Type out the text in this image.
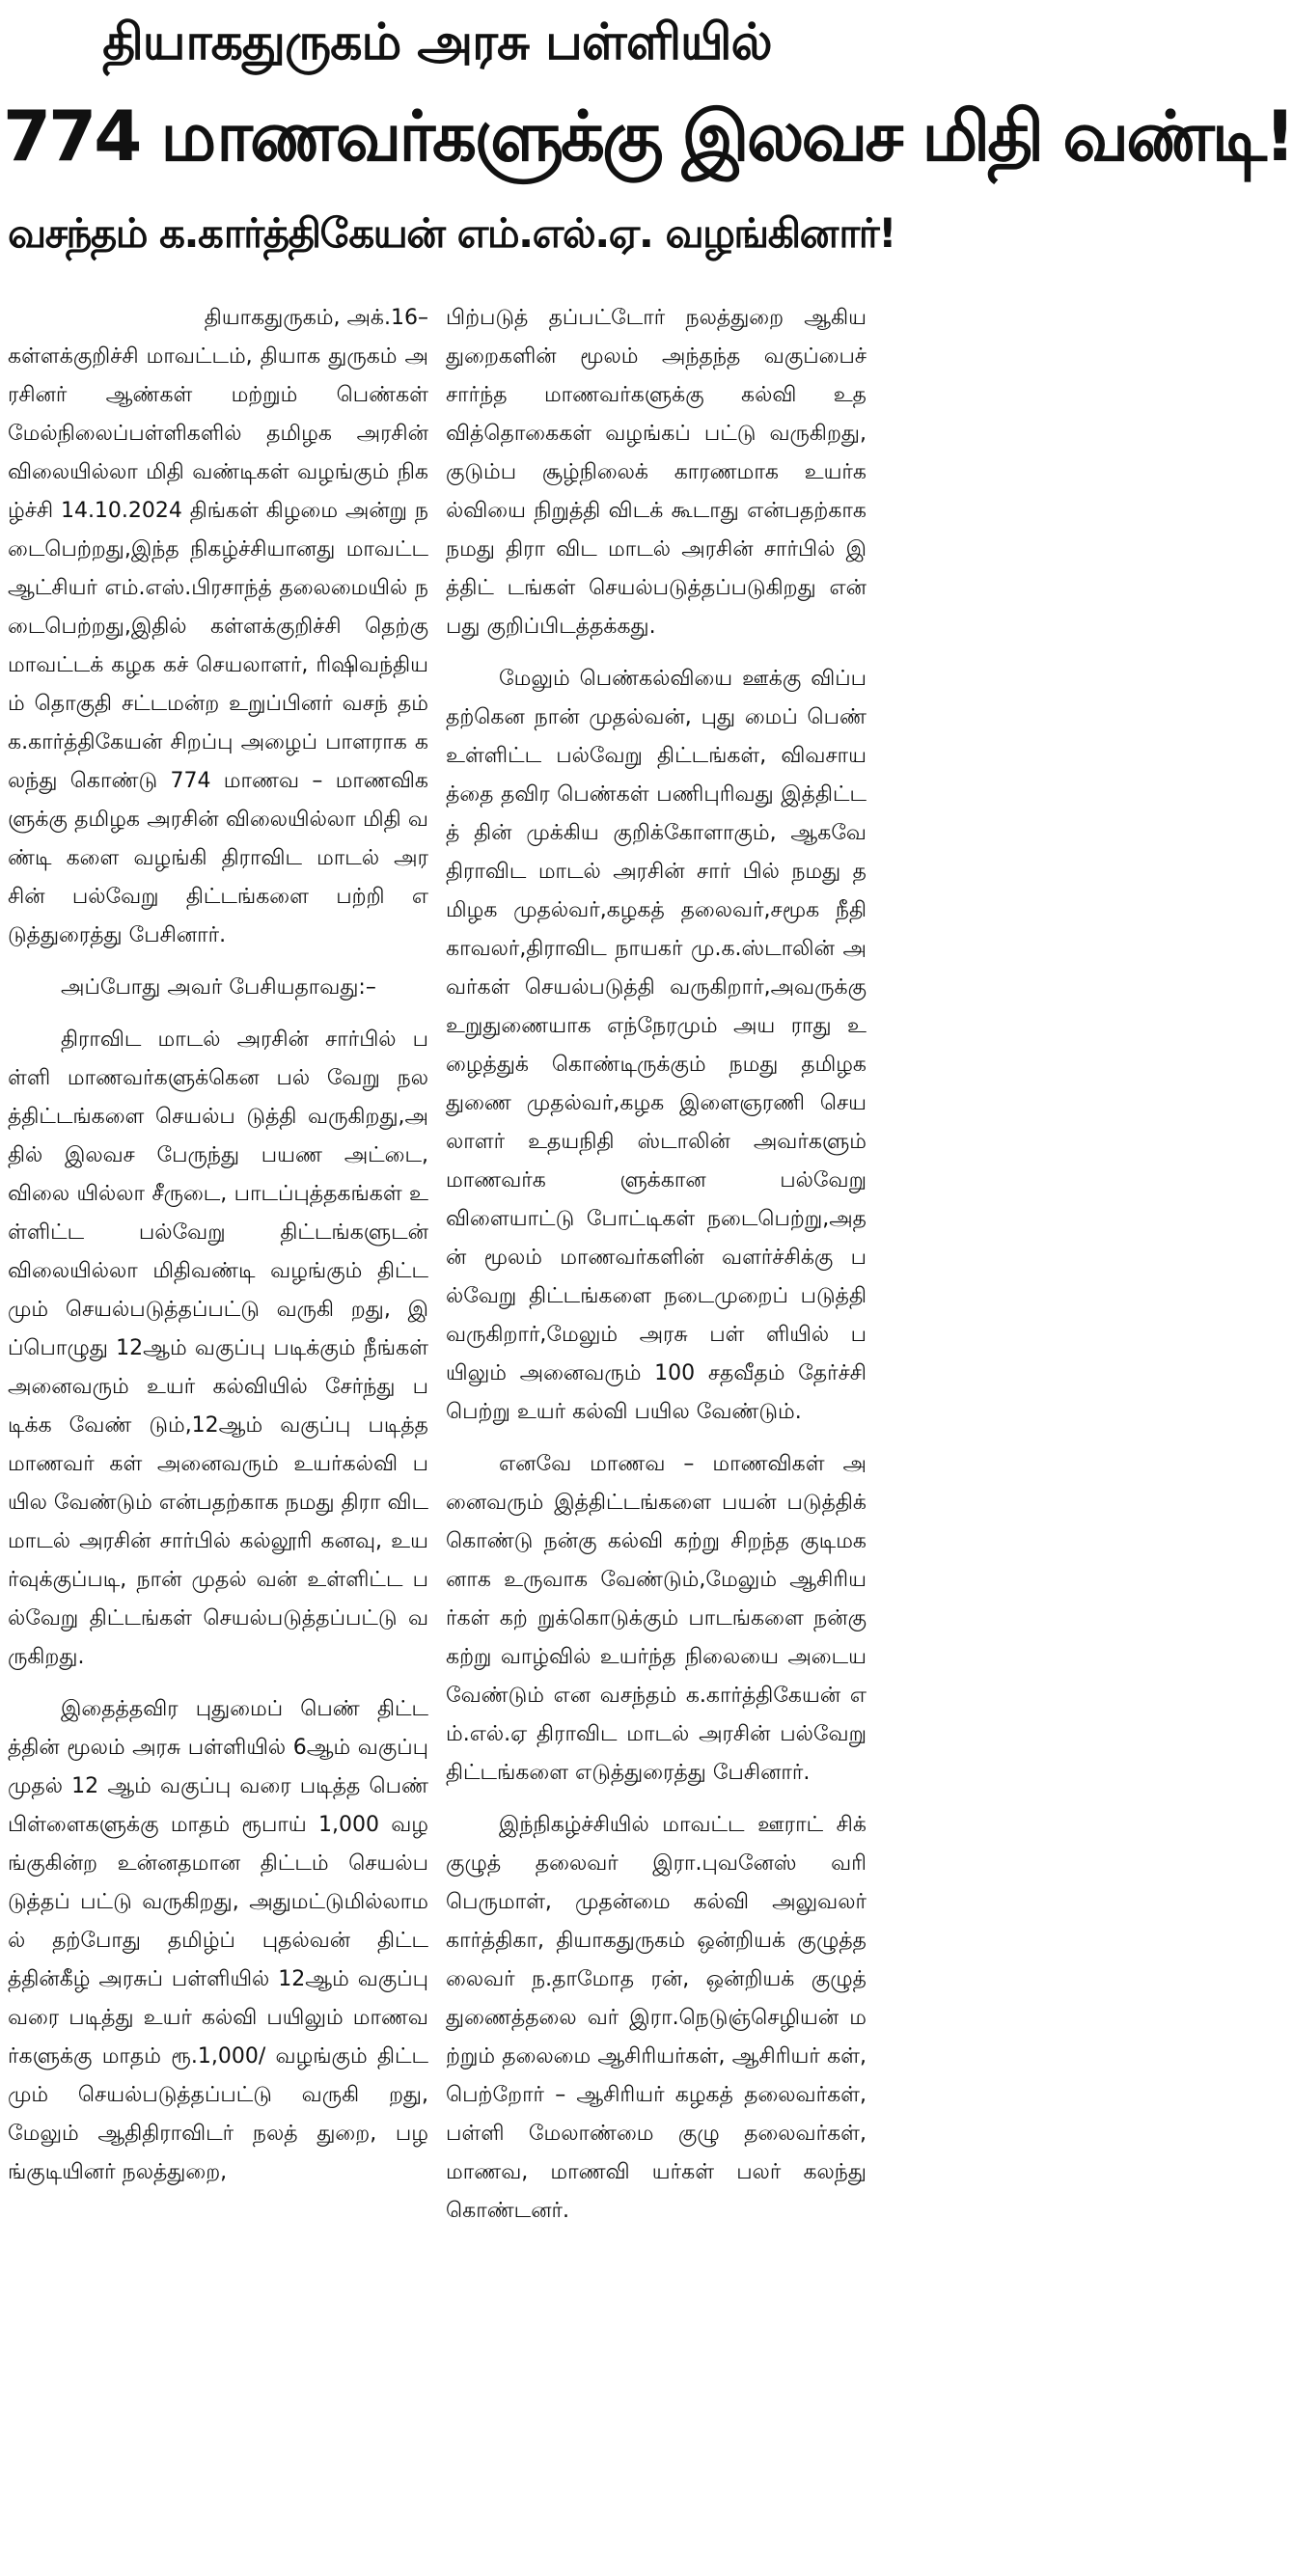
தியாகதுருகம் அரசு பள்ளியில்
774 மாணவர்களுக்கு இலவச மிதி வண்டி!
வசந்தம் க.கார்த்திகேயன் எம்.எல்.ஏ. வழங்கினார்!

தியாகதுருகம், அக்.16–

கள்ளக்குறிச்சி மாவட்டம், தியாக துருகம் அரசினர் ஆண்கள் மற்றும் பெண்கள் மேல்நிலைப்பள்ளிகளில் தமிழக அரசின் விலையில்லா மிதி வண்டிகள் வழங்கும் நிகழ்ச்சி 14.10.2024 திங்கள் கிழமை அன்று நடைபெற்றது,இந்த நிகழ்ச்சியானது மாவட்ட ஆட்சியர் எம்.எஸ்.பிரசாந்த் தலைமையில் நடைபெற்றது,இதில் கள்ளக்குறிச்சி தெற்கு மாவட்டக் கழக கச் செயலாளர், ரிஷிவந்தியம் தொகுதி சட்டமன்ற உறுப்பினர் வசந் தம் க.கார்த்திகேயன் சிறப்பு அழைப் பாளராக கலந்து கொண்டு 774 மாணவ – மாணவிகளுக்கு தமிழக அரசின் விலையில்லா மிதி வண்டி களை வழங்கி திராவிட மாடல் அர சின் பல்வேறு திட்டங்களை பற்றி எடுத்துரைத்து பேசினார்.

அப்போது அவர் பேசியதாவது:–

திராவிட மாடல் அரசின் சார்பில் பள்ளி மாணவர்களுக்கென பல் வேறு நலத்திட்டங்களை செயல்ப டுத்தி வருகிறது,அதில் இலவச பேருந்து பயண அட்டை, விலை யில்லா சீருடை, பாடப்புத்தகங்கள் உள்ளிட்ட பல்வேறு திட்டங்களுடன் விலையில்லா மிதிவண்டி வழங்கும் திட்டமும் செயல்படுத்தப்பட்டு வருகி றது, இப்பொழுது 12ஆம் வகுப்பு படிக்கும் நீங்கள் அனைவரும் உயர் கல்வியில் சேர்ந்து படிக்க வேண் டும்,12ஆம் வகுப்பு படித்த மாணவர் கள் அனைவரும் உயர்கல்வி பயில வேண்டும் என்பதற்காக நமது திரா விட மாடல் அரசின் சார்பில் கல்லூரி கனவு, உயர்வுக்குப்படி, நான் முதல் வன் உள்ளிட்ட பல்வேறு திட்டங்கள் செயல்படுத்தப்பட்டு வருகிறது.

இதைத்தவிர புதுமைப் பெண் திட்டத்தின் மூலம் அரசு பள்ளியில் 6ஆம் வகுப்பு முதல் 12 ஆம் வகுப்பு வரை படித்த பெண் பிள்ளைகளுக்கு மாதம் ரூபாய் 1,000 வழங்குகின்ற உன்னதமான திட்டம் செயல்படுத்தப் பட்டு வருகிறது, அதுமட்டுமில்லாமல் தற்போது தமிழ்ப் புதல்வன் திட்டத்தின்கீழ் அரசுப் பள்ளியில் 12ஆம் வகுப்பு வரை படித்து உயர் கல்வி பயிலும் மாணவர்களுக்கு மாதம் ரூ.1,000/ வழங்கும் திட்டமும் செயல்படுத்தப்பட்டு வருகி றது,மேலும் ஆதிதிராவிடர் நலத் துறை, பழங்குடியினர் நலத்துறை,

பிற்படுத் தப்பட்டோர் நலத்துறை ஆகிய துறைகளின் மூலம் அந்தந்த வகுப்பைச் சார்ந்த மாணவர்களுக்கு கல்வி உதவித்தொகைகள் வழங்கப் பட்டு வருகிறது,குடும்ப சூழ்நிலைக் காரணமாக உயர்கல்வியை நிறுத்தி விடக் கூடாது என்பதற்காக நமது திரா விட மாடல் அரசின் சார்பில் இத்திட் டங்கள் செயல்படுத்தப்படுகிறது என் பது குறிப்பிடத்தக்கது.

மேலும் பெண்கல்வியை ஊக்கு விப்பதற்கென நான் முதல்வன், புது மைப் பெண் உள்ளிட்ட பல்வேறு திட்டங்கள், விவசாயத்தை தவிர பெண்கள் பணிபுரிவது இத்திட்டத் தின் முக்கிய குறிக்கோளாகும், ஆகவே திராவிட மாடல் அரசின் சார் பில் நமது தமிழக முதல்வர்,கழகத் தலைவர்,சமூக நீதி காவலர்,திராவிட நாயகர் மு.க.ஸ்டாலின் அவர்கள் செயல்படுத்தி வருகிறார்,அவருக்கு உறுதுணையாக எந்நேரமும் அய ராது உழைத்துக் கொண்டிருக்கும் நமது தமிழக துணை முதல்வர்,கழக இளைஞரணி செயலாளர் உதயநிதி ஸ்டாலின் அவர்களும் மாணவர்க ளுக்கான பல்வேறு விளையாட்டு போட்டிகள் நடைபெற்று,அதன் மூலம் மாணவர்களின் வளர்ச்சிக்கு பல்வேறு திட்டங்களை நடைமுறைப் படுத்தி வருகிறார்,மேலும் அரசு பள் ளியில் பயிலும் அனைவரும் 100 சதவீதம் தேர்ச்சி பெற்று உயர் கல்வி பயில வேண்டும்.

எனவே மாணவ – மாணவிகள் அனைவரும் இத்திட்டங்களை பயன் படுத்திக் கொண்டு நன்கு கல்வி கற்று சிறந்த குடிமகனாக உருவாக வேண்டும்,மேலும் ஆசிரியர்கள் கற் றுக்கொடுக்கும் பாடங்களை நன்கு கற்று வாழ்வில் உயர்ந்த நிலையை அடைய வேண்டும் என வசந்தம் க.கார்த்திகேயன் எம்.எல்.ஏ திராவிட மாடல் அரசின் பல்வேறு திட்டங்களை எடுத்துரைத்து பேசினார்.

இந்நிகழ்ச்சியில் மாவட்ட ஊராட் சிக் குழுத் தலைவர் இரா.புவனேஸ் வரி பெருமாள், முதன்மை கல்வி அலுவலர் கார்த்திகா, தியாகதுருகம் ஒன்றியக் குழுத்தலைவர் ந.தாமோத ரன், ஒன்றியக் குழுத் துணைத்தலை வர் இரா.நெடுஞ்செழியன் மற்றும் தலைமை ஆசிரியர்கள், ஆசிரியர் கள், பெற்றோர் – ஆசிரியர் கழகத் தலைவர்கள், பள்ளி மேலாண்மை குழு தலைவர்கள், மாணவ, மாணவி யர்கள் பலர் கலந்து கொண்டனர்.
